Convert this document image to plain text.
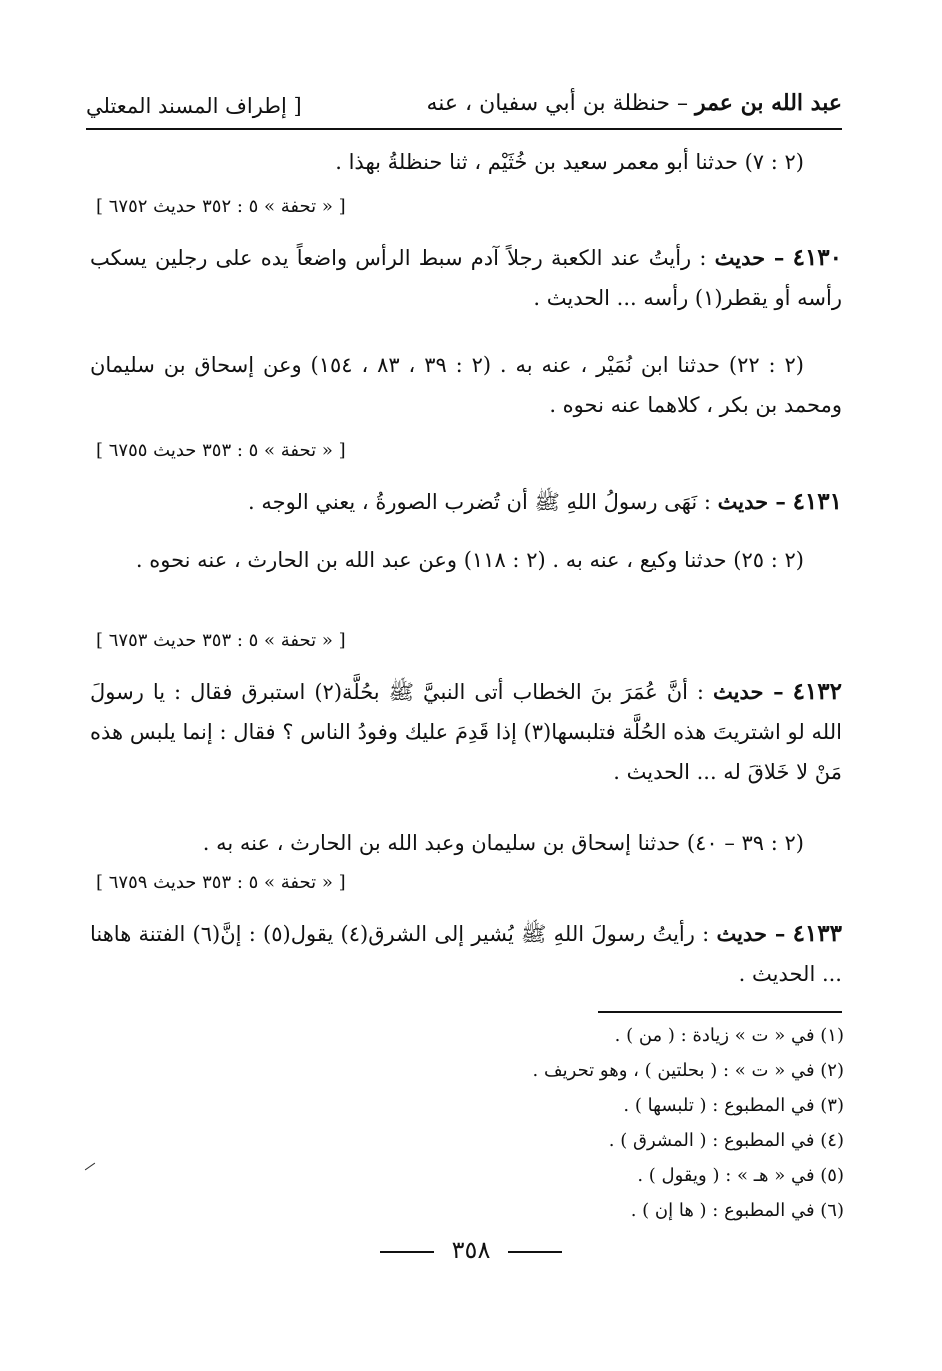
عبد الله بن عمر – حنظلة بن أبي سفيان ، عنه
[ إطراف المسند المعتلي
(٢ : ٧) حدثنا أبو معمر سعيد بن خُثَيْم ، ثنا حنظلةُ بهذا .
[ « تحفة » ٥ : ٣٥٢ حديث ٦٧٥٢ ]
٤١٣٠ – حديث : رأيتُ عند الكعبة رجلاً آدم سبط الرأس واضعاً يده على رجلين يسكب رأسه أو يقطر(١) رأسه ... الحديث .
(٢ : ٢٢) حدثنا ابن نُمَيْر ، عنه به . (٢ : ٣٩ ، ٨٣ ، ١٥٤) وعن إسحاق بن سليمان ومحمد بن بكر ، كلاهما عنه نحوه .
[ « تحفة » ٥ : ٣٥٣ حديث ٦٧٥٥ ]
٤١٣١ – حديث : نَهَى رسولُ اللهِ ﷺ أن تُضرب الصورةُ ، يعني الوجه .
(٢ : ٢٥) حدثنا وكيع ، عنه به . (٢ : ١١٨) وعن عبد الله بن الحارث ، عنه نحوه .
[ « تحفة » ٥ : ٣٥٣ حديث ٦٧٥٣ ]
٤١٣٢ – حديث : أنَّ عُمَرَ بنَ الخطاب أتى النبيَّ ﷺ بحُلَّة(٢) استبرق فقال : يا رسولَ الله لو اشتريتَ هذه الحُلَّة فتلبسها(٣) إذا قَدِمَ عليك وفودُ الناس ؟ فقال : إنما يلبس هذه مَنْ لا خَلاقَ له ... الحديث .
(٢ : ٣٩ – ٤٠) حدثنا إسحاق بن سليمان وعبد الله بن الحارث ، عنه به .
[ « تحفة » ٥ : ٣٥٣ حديث ٦٧٥٩ ]
٤١٣٣ – حديث : رأيتُ رسولَ اللهِ ﷺ يُشير إلى الشرق(٤) يقول(٥) : إنَّ(٦) الفتنة هاهنا ... الحديث .
(١) في « ت » زيادة : ( من ) .
(٢) في « ت » : ( بحلتين ) ، وهو تحريف .
(٣) في المطبوع : ( تلبسها ) .
(٤) في المطبوع : ( المشرق ) .
(٥) في « هـ » : ( ويقول ) .
(٦) في المطبوع : ( ها إن ) .
٣٥٨
